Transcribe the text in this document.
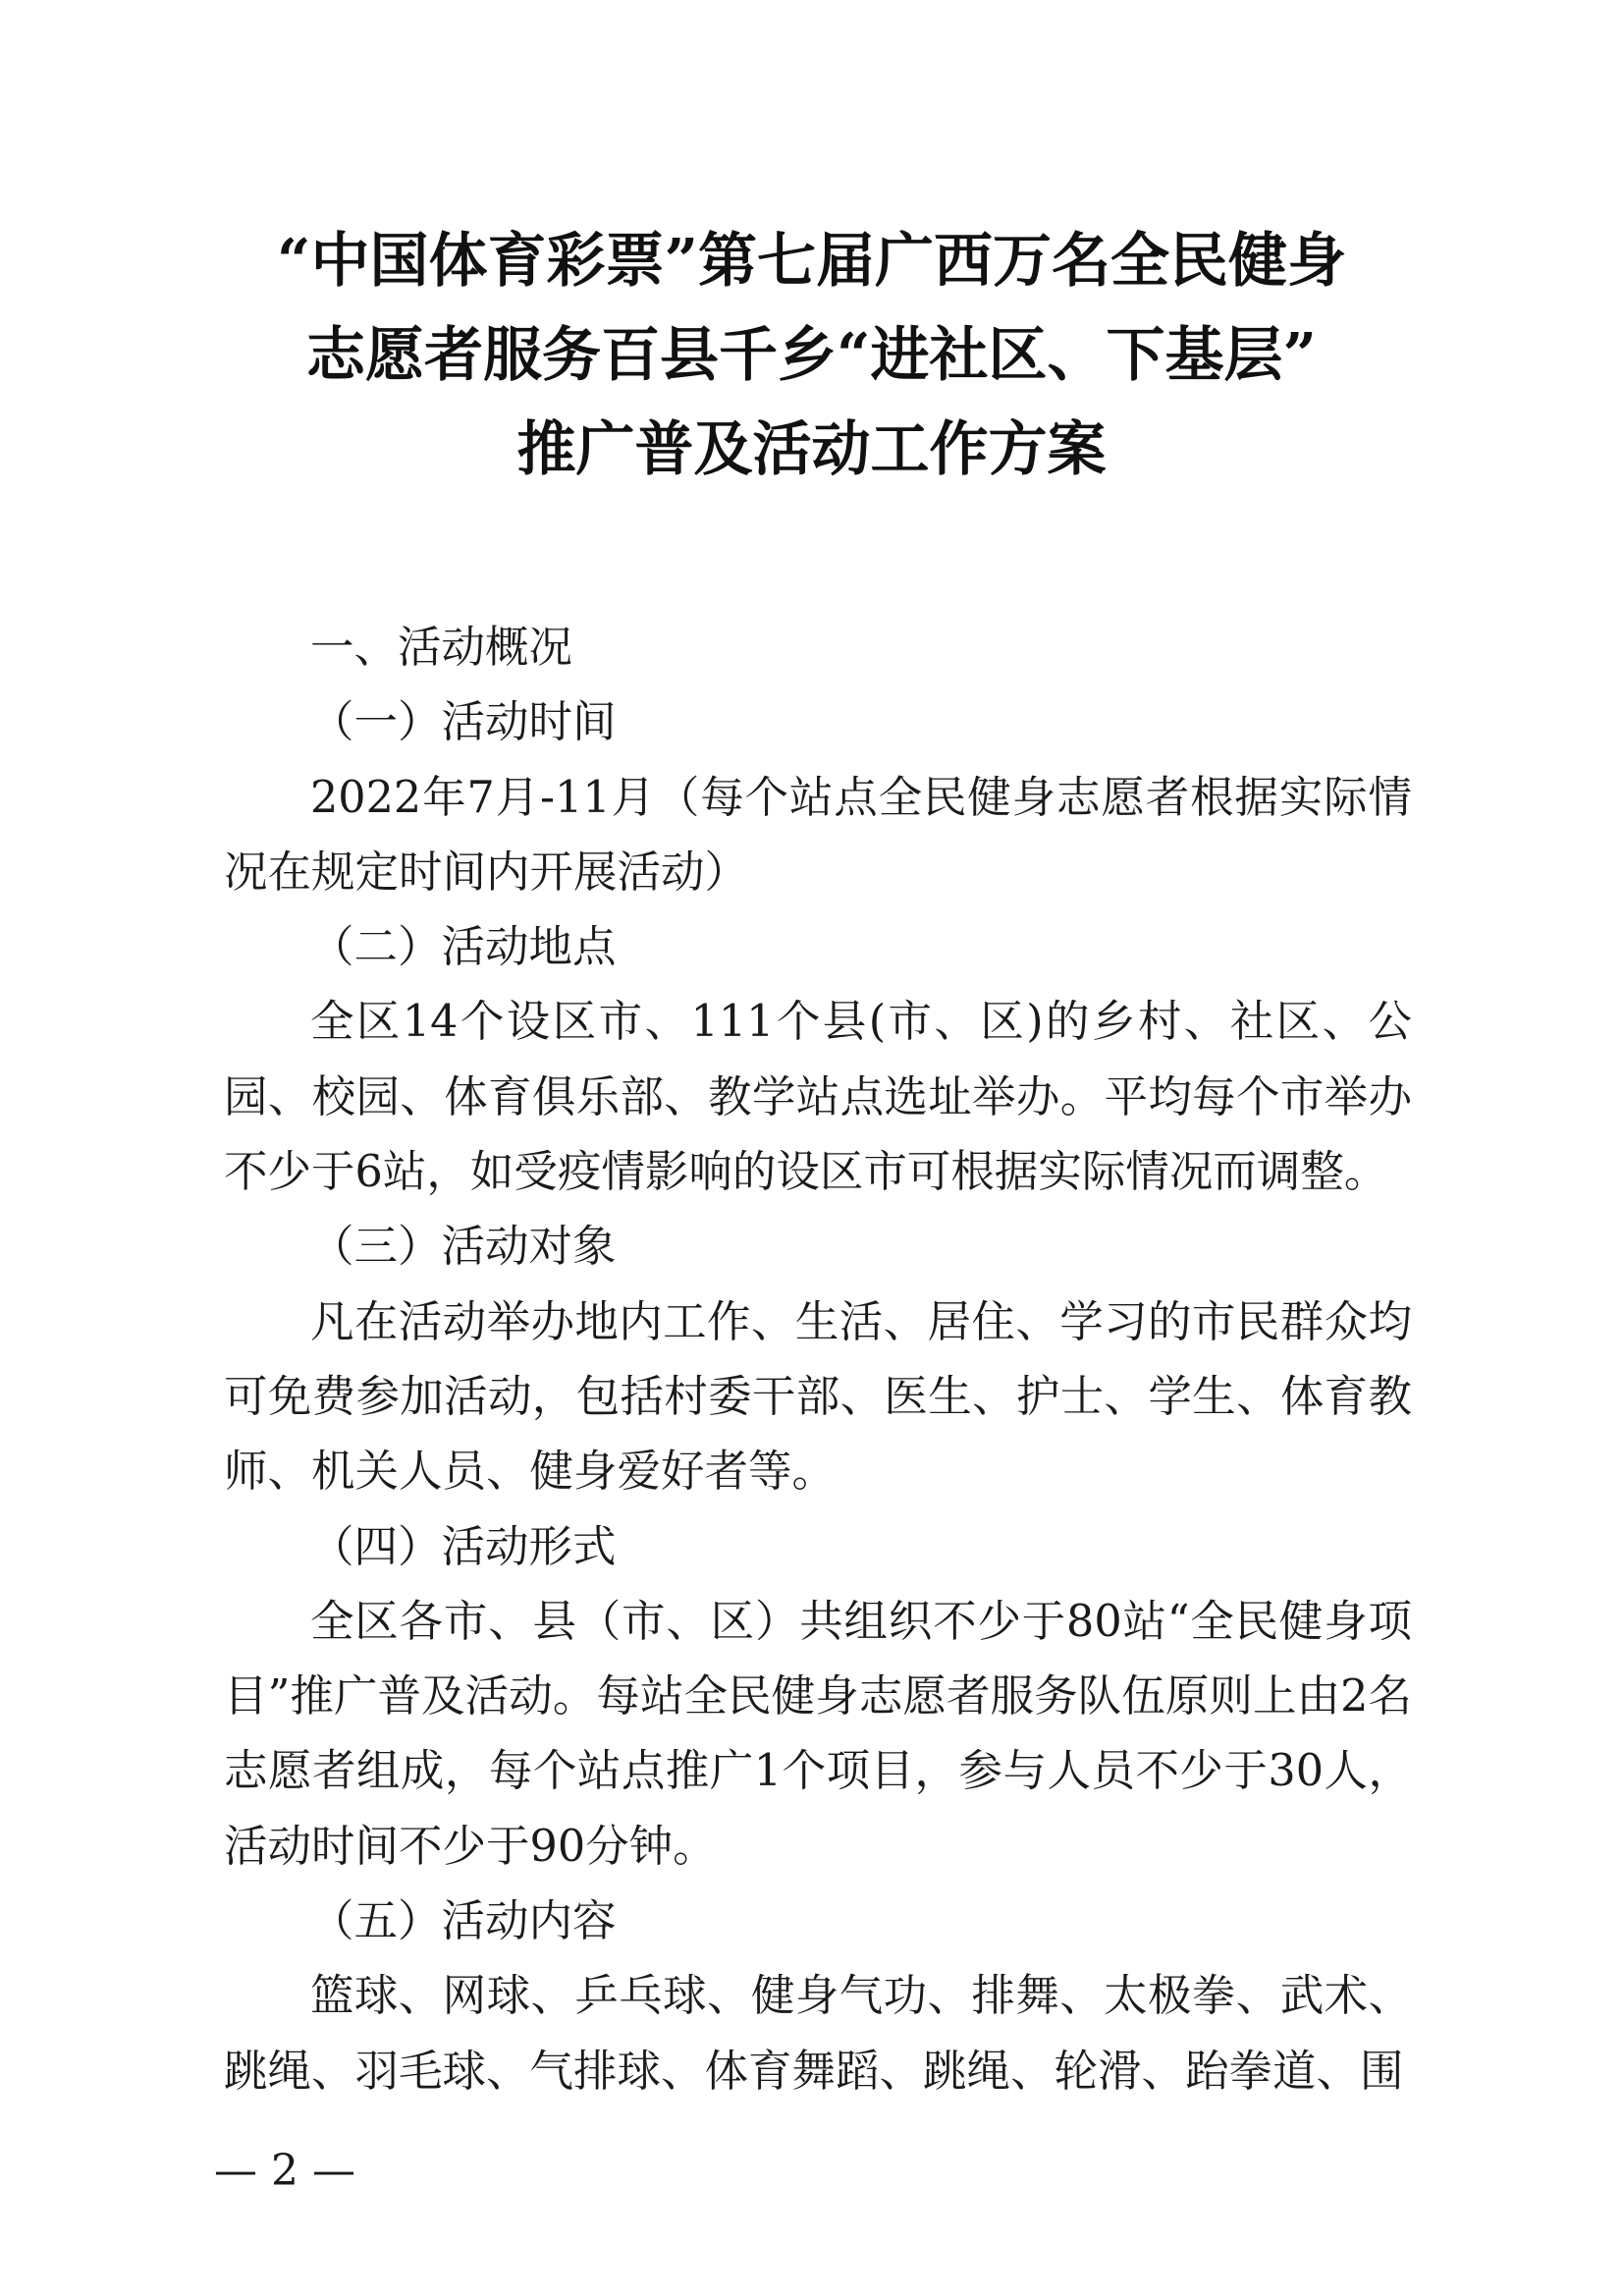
“中国体育彩票”第七届广西万名全民健身
志愿者服务百县千乡“进社区、下基层”
推广普及活动工作方案

一、活动概况

（一）活动时间

2022年7月-11月（每个站点全民健身志愿者根据实际情况在规定时间内开展活动）

（二）活动地点

全区14个设区市、111个县(市、区)的乡村、社区、公园、校园、体育俱乐部、教学站点选址举办。平均每个市举办不少于6站，如受疫情影响的设区市可根据实际情况而调整。

（三）活动对象

凡在活动举办地内工作、生活、居住、学习的市民群众均可免费参加活动，包括村委干部、医生、护士、学生、体育教师、机关人员、健身爱好者等。

（四）活动形式

全区各市、县（市、区）共组织不少于80站“全民健身项目”推广普及活动。每站全民健身志愿者服务队伍原则上由2名志愿者组成，每个站点推广1个项目，参与人员不少于30人，活动时间不少于90分钟。

（五）活动内容

篮球、网球、乒乓球、健身气功、排舞、太极拳、武术、跳绳、羽毛球、气排球、体育舞蹈、跳绳、轮滑、跆拳道、围

— 2 —
